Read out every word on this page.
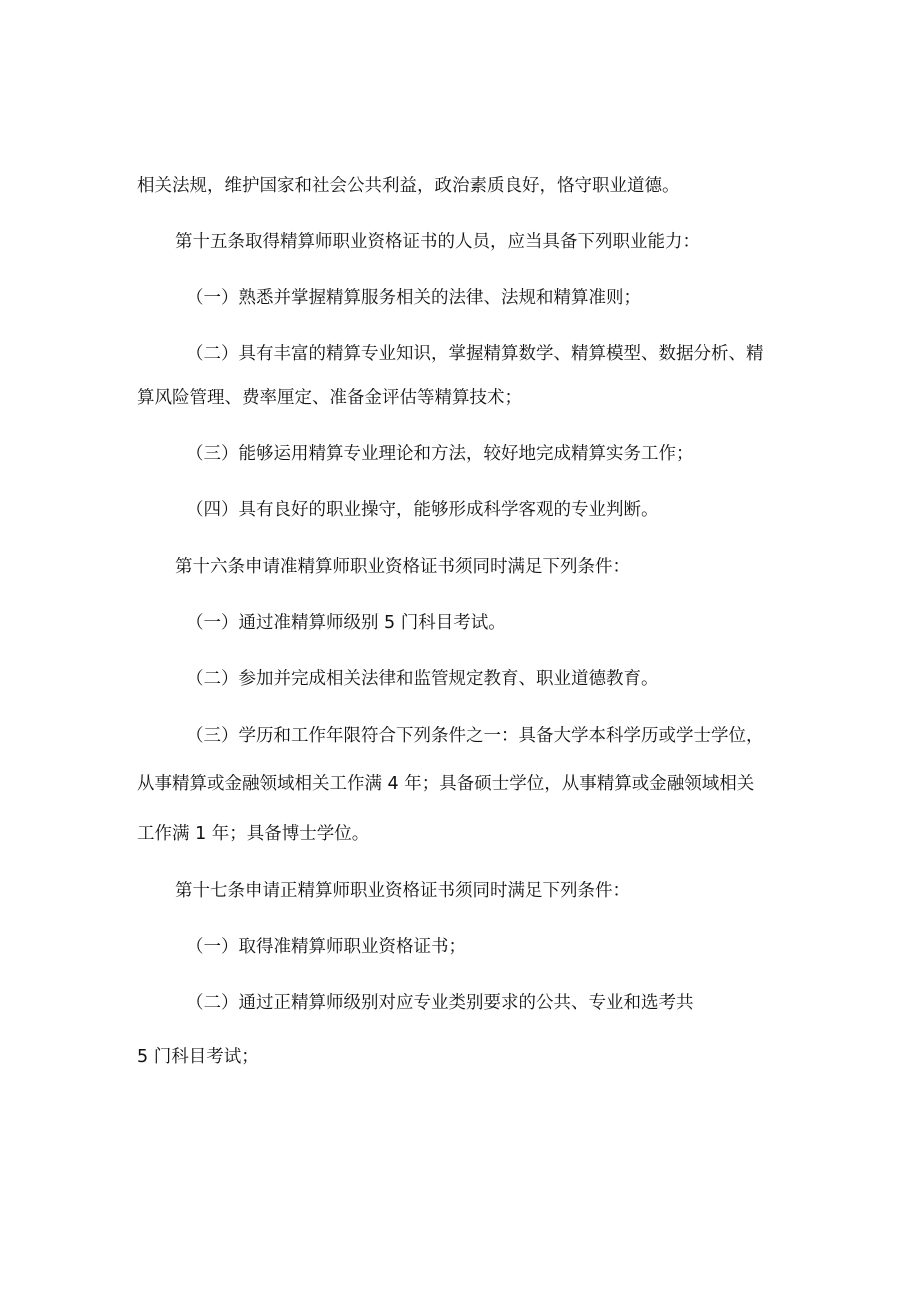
相关法规，维护国家和社会公共利益，政治素质良好，恪守职业道德。
第十五条取得精算师职业资格证书的人员，应当具备下列职业能力：
（一）熟悉并掌握精算服务相关的法律、法规和精算准则；
（二）具有丰富的精算专业知识，掌握精算数学、精算模型、数据分析、精
算风险管理、费率厘定、准备金评估等精算技术；
（三）能够运用精算专业理论和方法，较好地完成精算实务工作；
（四）具有良好的职业操守，能够形成科学客观的专业判断。
第十六条申请准精算师职业资格证书须同时满足下列条件：
（一）通过准精算师级别 5 门科目考试。
（二）参加并完成相关法律和监管规定教育、职业道德教育。
（三）学历和工作年限符合下列条件之一：具备大学本科学历或学士学位，
从事精算或金融领域相关工作满 4 年；具备硕士学位，从事精算或金融领域相关
工作满 1 年；具备博士学位。
第十七条申请正精算师职业资格证书须同时满足下列条件：
（一）取得准精算师职业资格证书；
（二）通过正精算师级别对应专业类别要求的公共、专业和选考共
5 门科目考试；
